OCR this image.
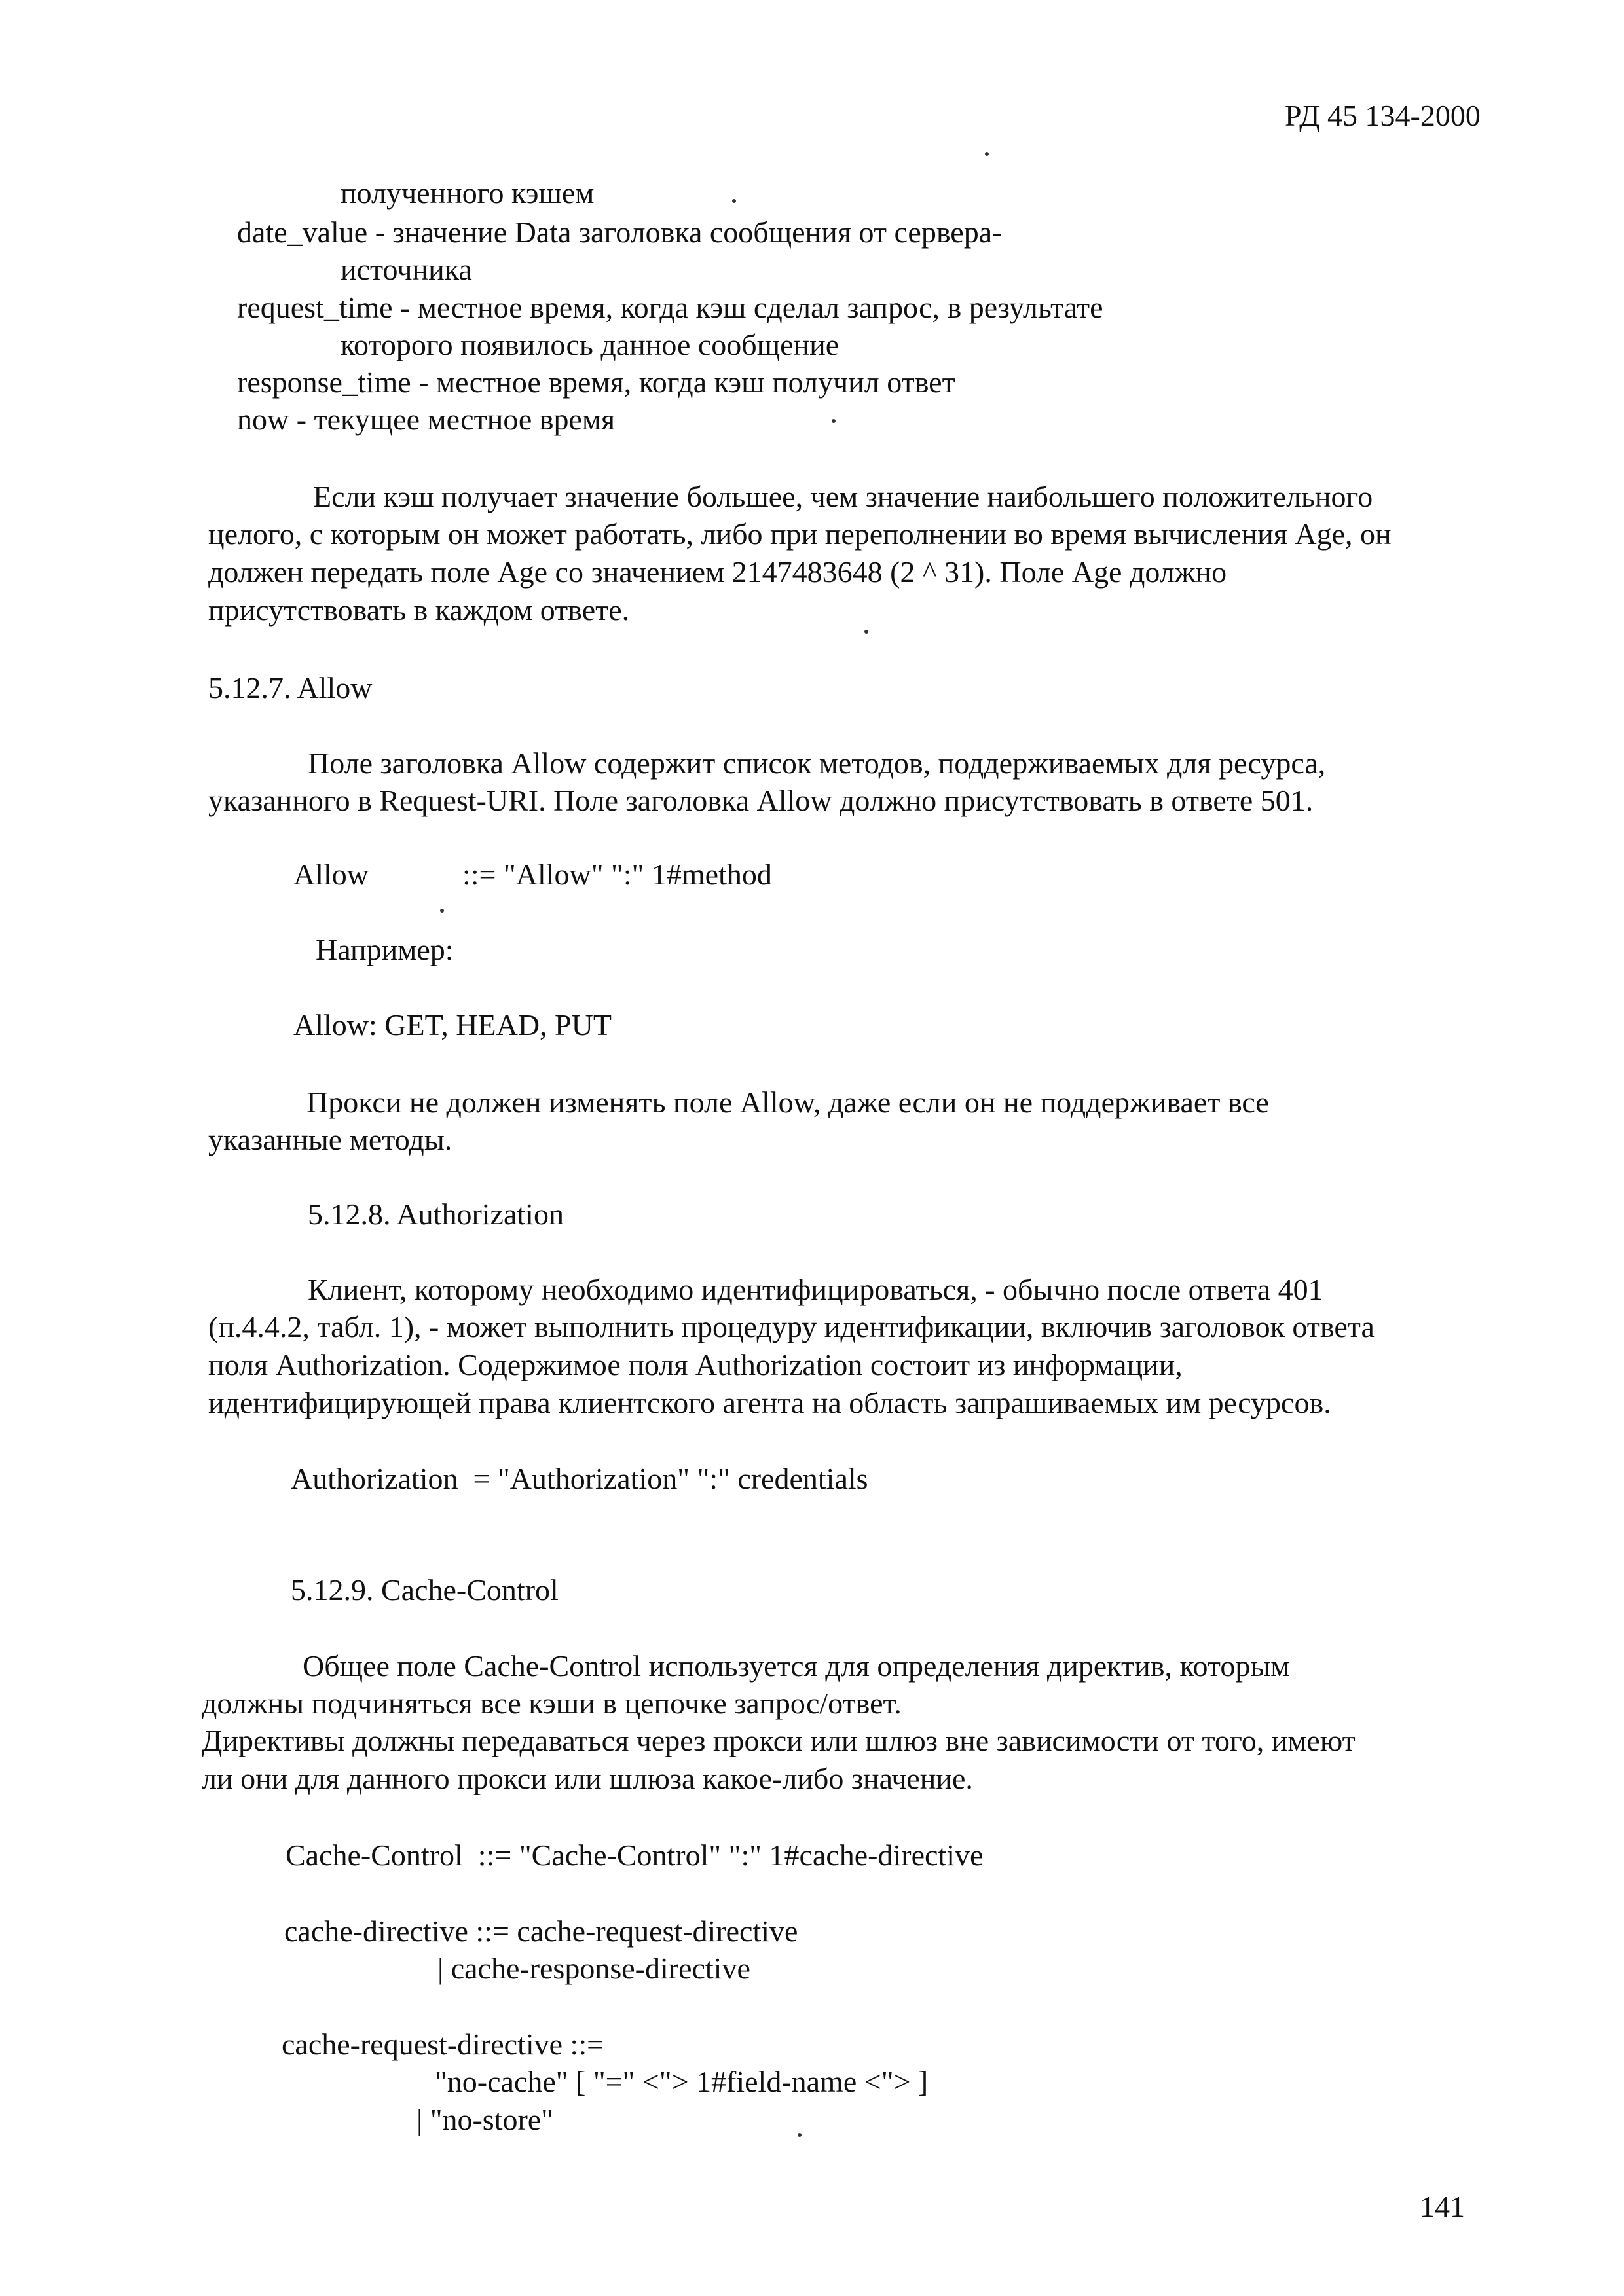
РД 45 134-2000
полученного кэшем
date_value - значение Data заголовка сообщения от сервера-
источника
request_time - местное время, когда кэш сделал запрос, в результате
которого появилось данное сообщение
response_time - местное время, когда кэш получил ответ
now - текущее местное время
Если кэш получает значение большее, чем значение наибольшего положительного
целого, с которым он может работать, либо при переполнении во время вычисления Age, он
должен передать поле Age со значением 2147483648 (2 ^ 31). Поле Age должно
присутствовать в каждом ответе.
5.12.7. Allow
Поле заголовка Allow содержит список методов, поддерживаемых для ресурса,
указанного в Request-URI. Поле заголовка Allow должно присутствовать в ответе 501.
Allow	::= "Allow" ":" 1#method
Например:
Allow: GET, HEAD, PUT
Прокси не должен изменять поле Allow, даже если он не поддерживает все
указанные методы.
5.12.8. Authorization
Клиент, которому необходимо идентифицироваться, - обычно после ответа 401
(п.4.4.2, табл. 1), - может выполнить процедуру идентификации, включив заголовок ответа
поля Authorization. Содержимое поля Authorization состоит из информации,
идентифицирующей права клиентского агента на область запрашиваемых им ресурсов.
Authorization  = "Authorization" ":" credentials
5.12.9. Cache-Control
Общее поле Cache-Control используется для определения директив, которым
должны подчиняться все кэши в цепочке запрос/ответ.
Директивы должны передаваться через прокси или шлюз вне зависимости от того, имеют
ли они для данного прокси или шлюза какое-либо значение.
Cache-Control  ::= "Cache-Control" ":" 1#cache-directive
cache-directive ::= cache-request-directive
| cache-response-directive
cache-request-directive ::=
"no-cache" [ "=" <"> 1#field-name <"> ]
| "no-store"
141
